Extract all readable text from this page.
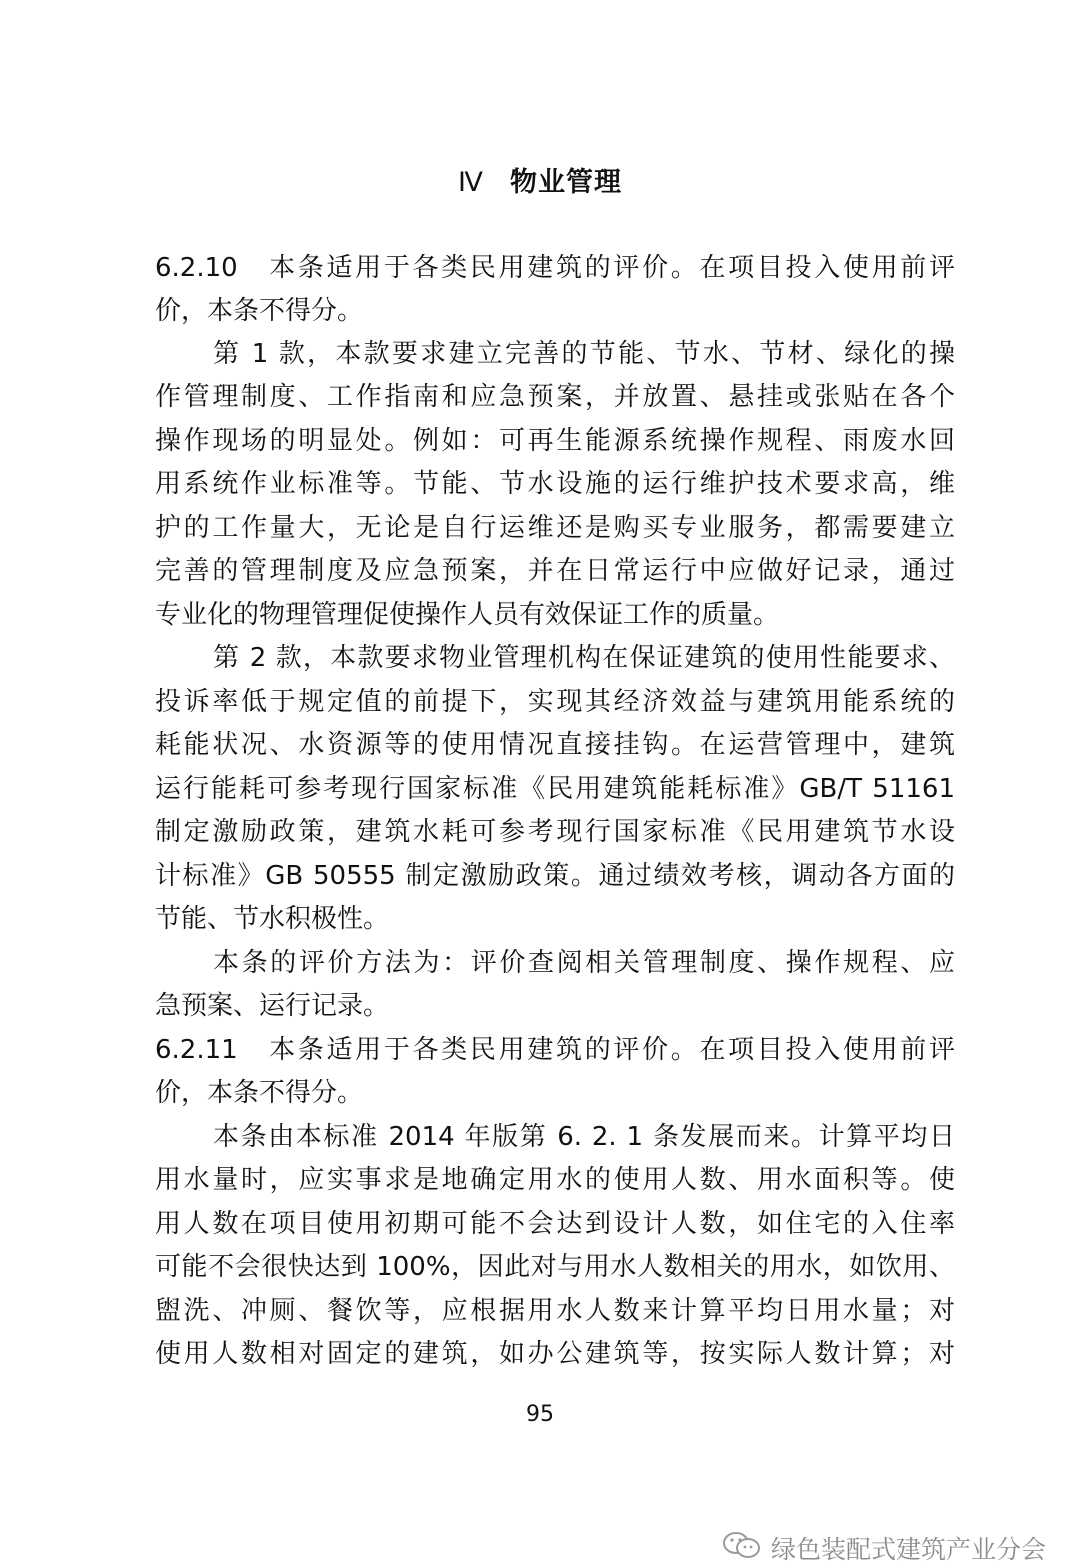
Ⅳ 物业管理
6.2.10　本条适用于各类民用建筑的评价。在项目投入使用前评
价，本条不得分。
第 1 款，本款要求建立完善的节能、节水、节材、绿化的操
作管理制度、工作指南和应急预案，并放置、悬挂或张贴在各个
操作现场的明显处。例如：可再生能源系统操作规程、雨废水回
用系统作业标准等。节能、节水设施的运行维护技术要求高，维
护的工作量大，无论是自行运维还是购买专业服务，都需要建立
完善的管理制度及应急预案，并在日常运行中应做好记录，通过
专业化的物理管理促使操作人员有效保证工作的质量。
第 2 款，本款要求物业管理机构在保证建筑的使用性能要求、
投诉率低于规定值的前提下，实现其经济效益与建筑用能系统的
耗能状况、水资源等的使用情况直接挂钩。在运营管理中，建筑
运行能耗可参考现行国家标准《民用建筑能耗标准》GB/T 51161
制定激励政策，建筑水耗可参考现行国家标准《民用建筑节水设
计标准》GB 50555 制定激励政策。通过绩效考核，调动各方面的
节能、节水积极性。
本条的评价方法为：评价查阅相关管理制度、操作规程、应
急预案、运行记录。
6.2.11　本条适用于各类民用建筑的评价。在项目投入使用前评
价，本条不得分。
本条由本标准 2014 年版第 6. 2. 1 条发展而来。计算平均日
用水量时，应实事求是地确定用水的使用人数、用水面积等。使
用人数在项目使用初期可能不会达到设计人数，如住宅的入住率
可能不会很快达到 100%，因此对与用水人数相关的用水，如饮用、
盥洗、冲厕、餐饮等，应根据用水人数来计算平均日用水量；对
使用人数相对固定的建筑，如办公建筑等，按实际人数计算；对
95
绿色装配式建筑产业分会
